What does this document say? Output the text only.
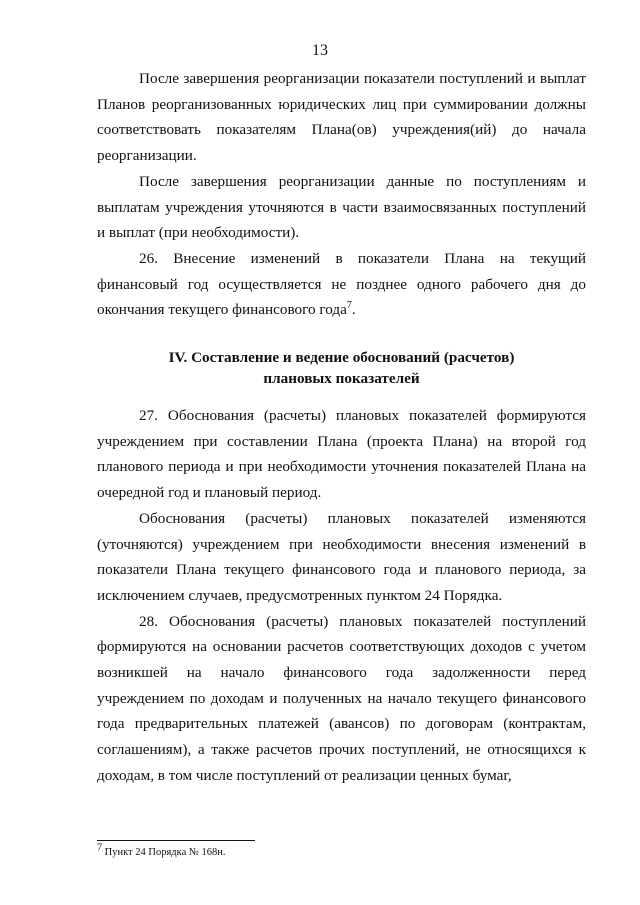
13

После завершения реорганизации показатели поступлений и выплат Планов реорганизованных юридических лиц при суммировании должны соответствовать показателям Плана(ов) учреждения(ий) до начала реорганизации.

После завершения реорганизации данные по поступлениям и выплатам учреждения уточняются в части взаимосвязанных поступлений и выплат (при необходимости).

26. Внесение изменений в показатели Плана на текущий финансовый год осуществляется не позднее одного рабочего дня до окончания текущего финансового года$^7$.

IV. Составление и ведение обоснований (расчетов)
плановых показателей

27. Обоснования (расчеты) плановых показателей формируются учреждением при составлении Плана (проекта Плана) на второй год планового периода и при необходимости уточнения показателей Плана на очередной год и плановый период.

Обоснования (расчеты) плановых показателей изменяются (уточняются) учреждением при необходимости внесения изменений в показатели Плана текущего финансового года и планового периода, за исключением случаев, предусмотренных пунктом 24 Порядка.

28. Обоснования (расчеты) плановых показателей поступлений формируются на основании расчетов соответствующих доходов с учетом возникшей на начало финансового года задолженности перед учреждением по доходам и полученных на начало текущего финансового года предварительных платежей (авансов) по договорам (контрактам, соглашениям), а также расчетов прочих поступлений, не относящихся к доходам, в том числе поступлений от реализации ценных бумаг,

$^7$ Пункт 24 Порядка № 168н.
